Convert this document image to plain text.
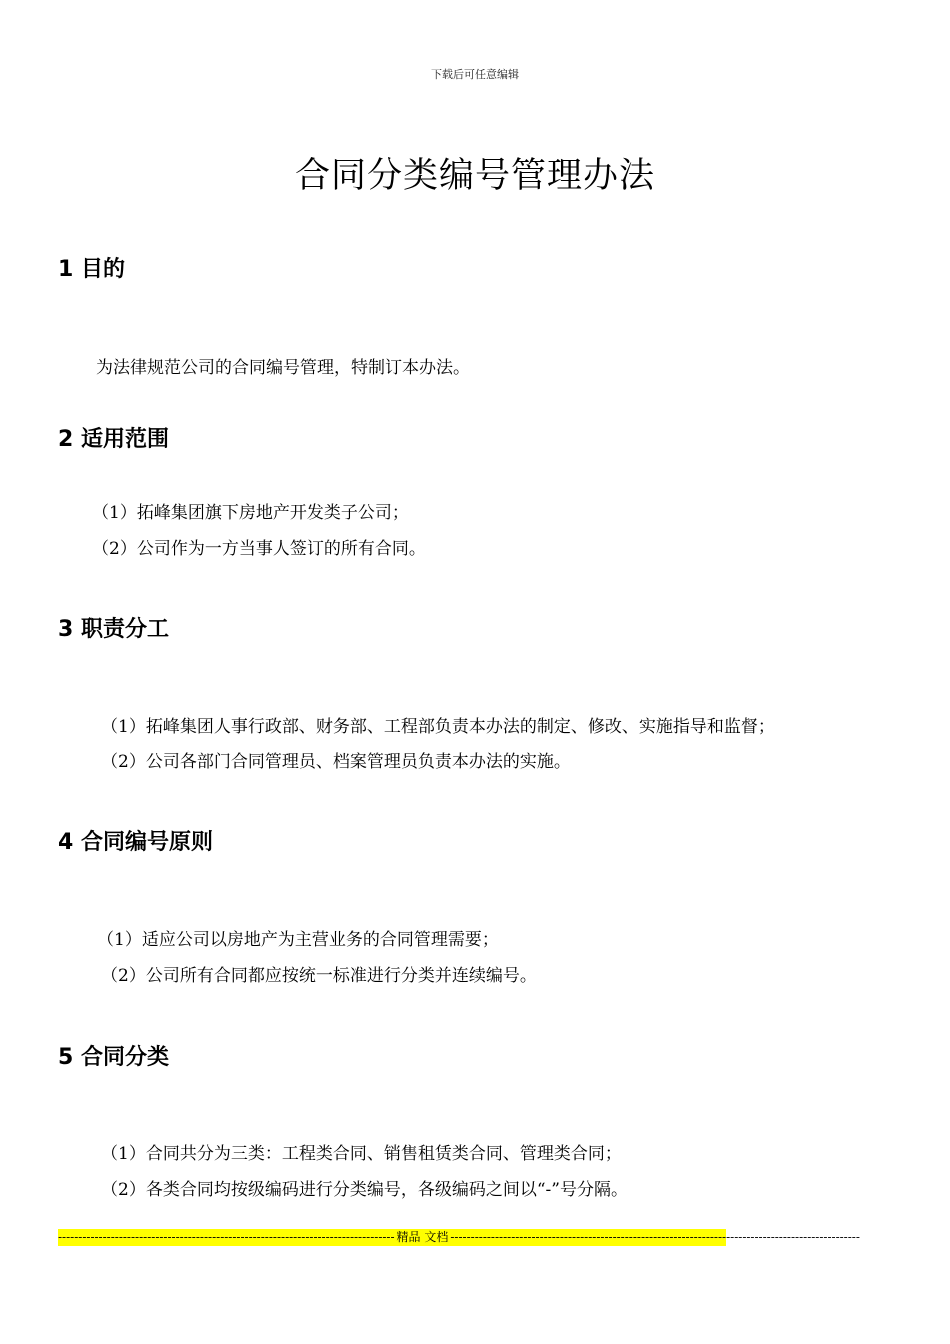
下载后可任意编辑
合同分类编号管理办法
1 目的
为法律规范公司的合同编号管理，特制订本办法。
2 适用范围
（1）拓峰集团旗下房地产开发类子公司；
（2）公司作为一方当事人签订的所有合同。
3 职责分工
（1）拓峰集团人事行政部、财务部、工程部负责本办法的制定、修改、实施指导和监督；
（2）公司各部门合同管理员、档案管理员负责本办法的实施。
4 合同编号原则
（1）适应公司以房地产为主营业务的合同管理需要；
（2）公司所有合同都应按统一标准进行分类并连续编号。
5 合同分类
（1）合同共分为三类：工程类合同、销售租赁类合同、管理类合同；
（2）各类合同均按级编码进行分类编号，各级编码之间以“-”号分隔。
----------------------------------------------------------------------------------- 精品 文档 -----------------------------------------------------------------------------------------------------
